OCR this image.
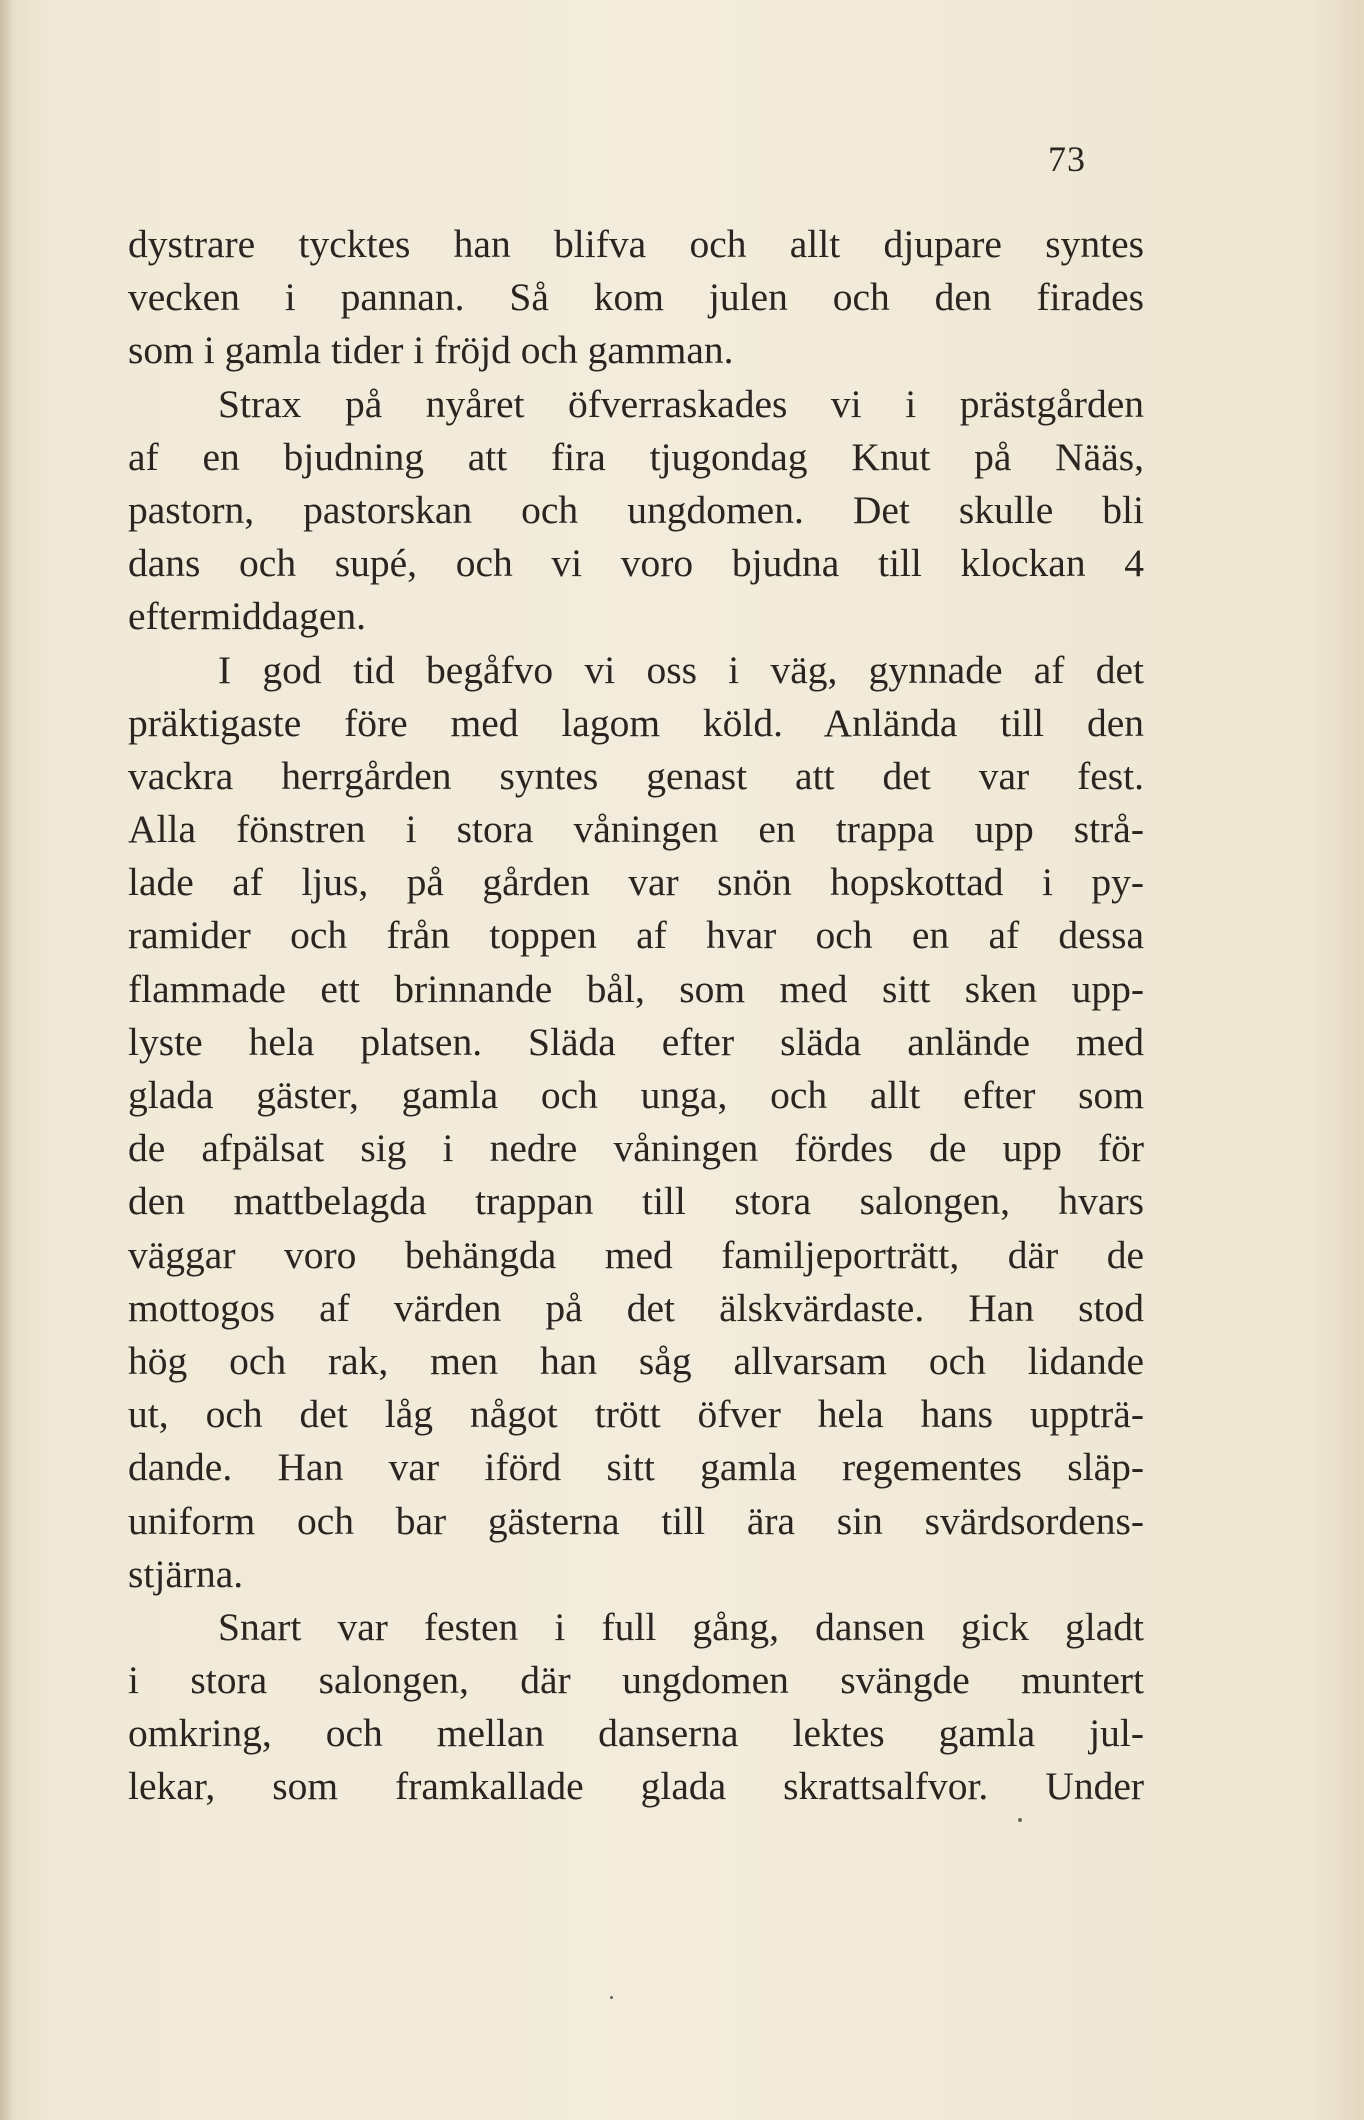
73
dystrare tycktes han blifva och allt djupare syntes
vecken i pannan. Så kom julen och den firades
som i gamla tider i fröjd och gamman.
Strax på nyåret öfverraskades vi i prästgården
af en bjudning att fira tjugondag Knut på Nääs,
pastorn, pastorskan och ungdomen. Det skulle bli
dans och supé, och vi voro bjudna till klockan 4
eftermiddagen.
I god tid begåfvo vi oss i väg, gynnade af det
präktigaste före med lagom köld. Anlända till den
vackra herrgården syntes genast att det var fest.
Alla fönstren i stora våningen en trappa upp strå-
lade af ljus, på gården var snön hopskottad i py-
ramider och från toppen af hvar och en af dessa
flammade ett brinnande bål, som med sitt sken upp-
lyste hela platsen. Släda efter släda anlände med
glada gäster, gamla och unga, och allt efter som
de afpälsat sig i nedre våningen fördes de upp för
den mattbelagda trappan till stora salongen, hvars
väggar voro behängda med familjeporträtt, där de
mottogos af värden på det älskvärdaste. Han stod
hög och rak, men han såg allvarsam och lidande
ut, och det låg något trött öfver hela hans uppträ-
dande. Han var iförd sitt gamla regementes släp-
uniform och bar gästerna till ära sin svärdsordens-
stjärna.
Snart var festen i full gång, dansen gick gladt
i stora salongen, där ungdomen svängde muntert
omkring, och mellan danserna lektes gamla jul-
lekar, som framkallade glada skrattsalfvor. Under
